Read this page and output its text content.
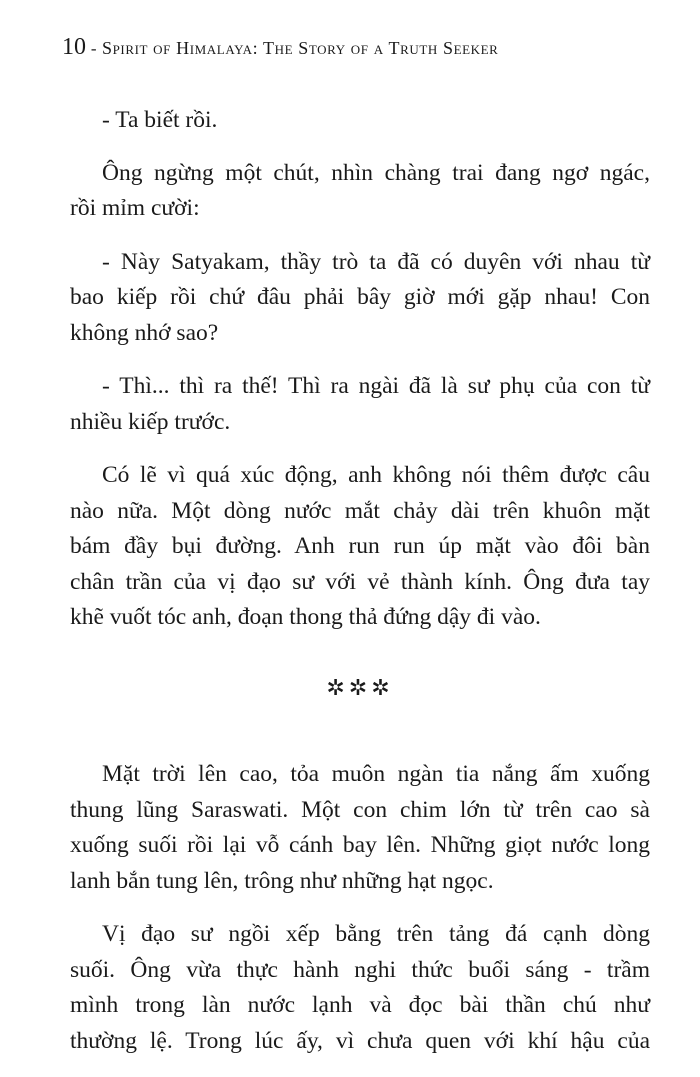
10 - Spirit of Himalaya: The Story of a Truth Seeker

- Ta biết rồi.

Ông ngừng một chút, nhìn chàng trai đang ngơ ngác,
rồi mỉm cười:

- Này Satyakam, thầy trò ta đã có duyên với nhau từ
bao kiếp rồi chứ đâu phải bây giờ mới gặp nhau! Con
không nhớ sao?

- Thì... thì ra thế! Thì ra ngài đã là sư phụ của con từ
nhiều kiếp trước.

Có lẽ vì quá xúc động, anh không nói thêm được câu
nào nữa. Một dòng nước mắt chảy dài trên khuôn mặt
bám đầy bụi đường. Anh run run úp mặt vào đôi bàn
chân trần của vị đạo sư với vẻ thành kính. Ông đưa tay
khẽ vuốt tóc anh, đoạn thong thả đứng dậy đi vào.

✲✲✲

Mặt trời lên cao, tỏa muôn ngàn tia nắng ấm xuống
thung lũng Saraswati. Một con chim lớn từ trên cao sà
xuống suối rồi lại vỗ cánh bay lên. Những giọt nước long
lanh bắn tung lên, trông như những hạt ngọc.

Vị đạo sư ngồi xếp bằng trên tảng đá cạnh dòng
suối. Ông vừa thực hành nghi thức buổi sáng - trầm
mình trong làn nước lạnh và đọc bài thần chú như
thường lệ. Trong lúc ấy, vì chưa quen với khí hậu của
